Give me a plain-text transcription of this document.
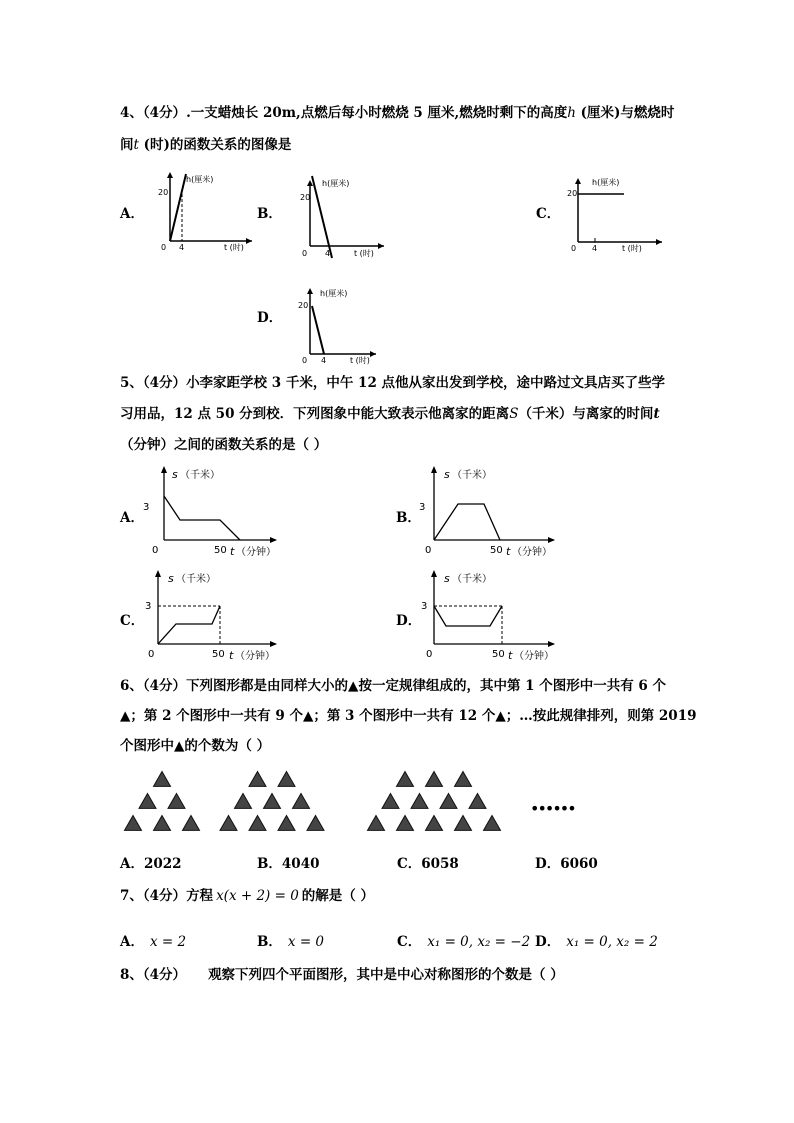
4、（4分）.一支蜡烛长 20m,点燃后每小时燃烧 5 厘米,燃烧时剩下的高度h (厘米)与燃烧时
间t (时)的函数关系的图像是
A．
20
0 4
h(厘米)
t (时)
B．
20
0 4
h(厘米)
t (时)
C．
20
0 4
h(厘米)
t (时)
D．
20
0 4
h(厘米)
t (时)
5、（4分）小李家距学校 3 千米，中午 12 点他从家出发到学校，途中路过文具店买了些学
习用品，12 点 50 分到校．下列图象中能大致表示他离家的距离S（千米）与离家的时间t
（分钟）之间的函数关系的是（ ）
A．
s （千米）
3
0	50 t （分钟）
B．
s （千米）
3
0	50 t （分钟）
C．
s （千米）
3
0	50 t （分钟）
D．
s （千米）
3
0	50 t （分钟）
6、（4分）下列图形都是由同样大小的▲按一定规律组成的，其中第 1 个图形中一共有 6 个
▲；第 2 个图形中一共有 9 个▲；第 3 个图形中一共有 12 个▲；…按此规律排列，则第 2019
个图形中▲的个数为（ ）
••••••
A．2022	B．4040	C．6058	D．6060
7、（4分）方程 x(x + 2) = 0 的解是（ ）
A． x = 2	B． x = 0	C． x₁ = 0, x₂ = −2 D． x₁ = 0, x₂ = 2
8、（4分） 观察下列四个平面图形，其中是中心对称图形的个数是（ ）
